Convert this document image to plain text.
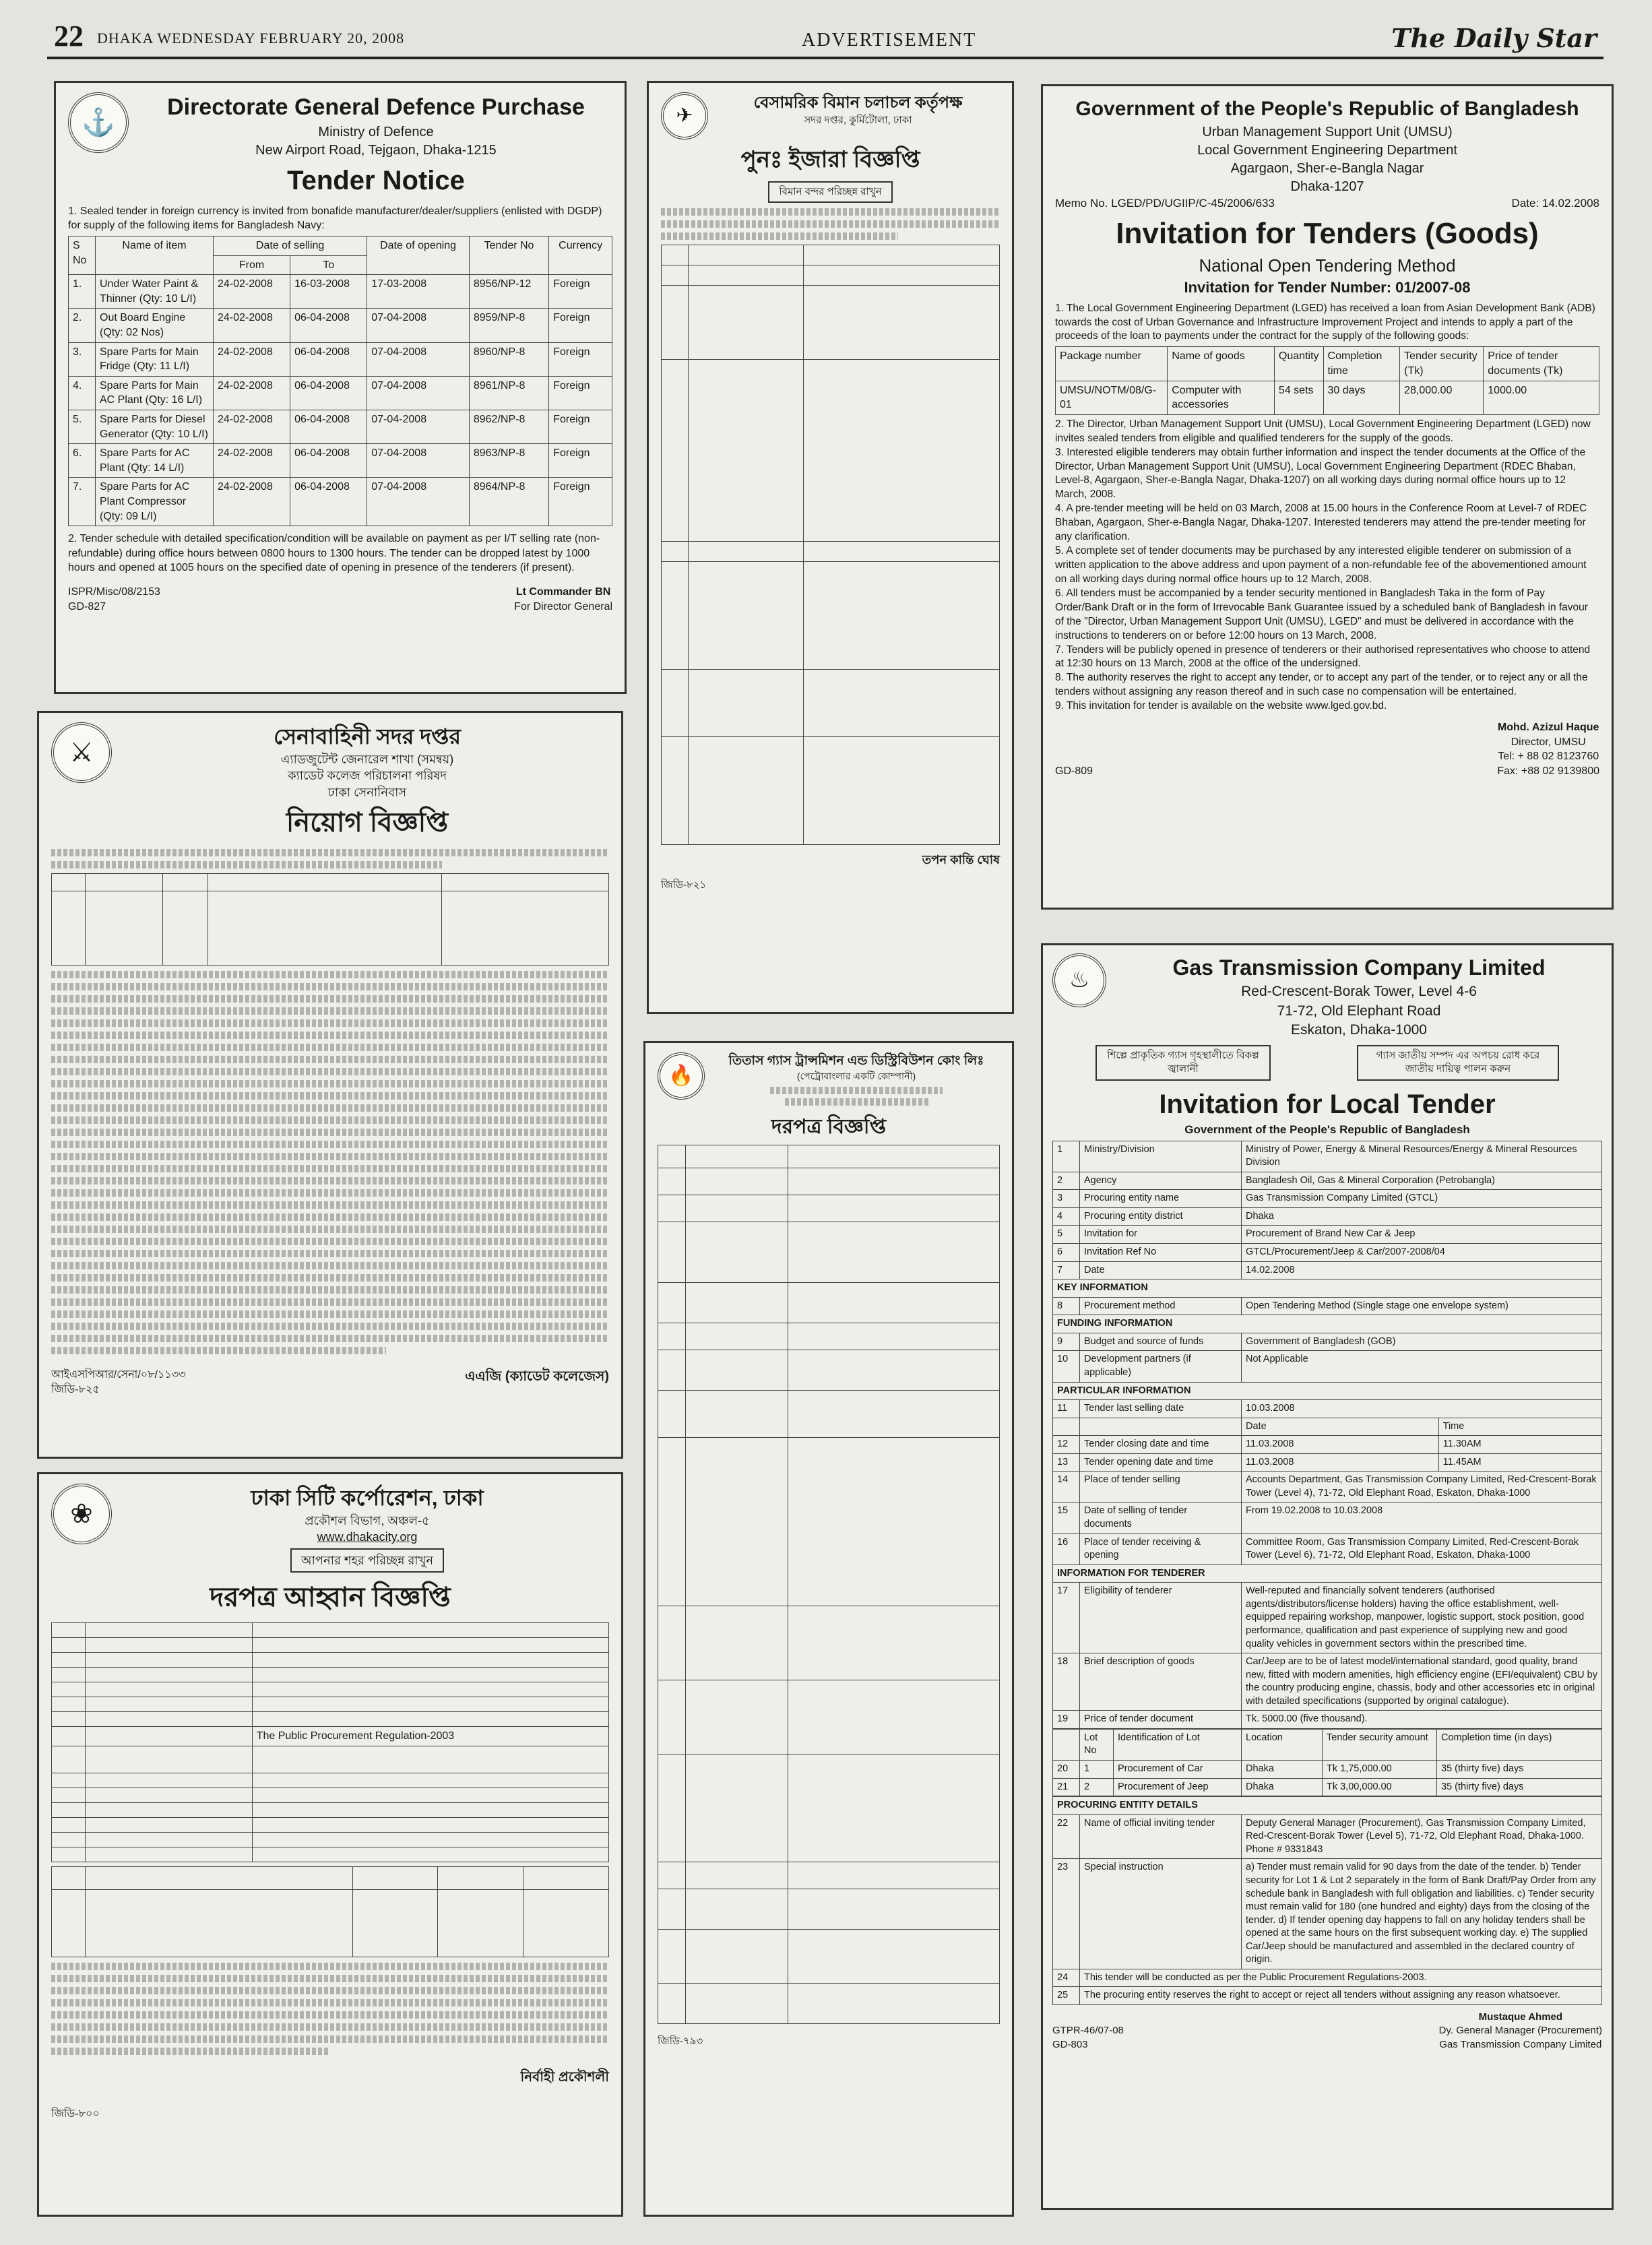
22 DHAKA WEDNESDAY FEBRUARY 20, 2008	ADVERTISEMENT	The Daily Star
⚓
Directorate General Defence Purchase
Ministry of Defence
New Airport Road, Tejgaon, Dhaka-1215
Tender Notice
1. Sealed tender in foreign currency is invited from bonafide manufacturer/dealer/suppliers (enlisted with DGDP) for supply of the following items for Bangladesh Navy:
S No	Name of item	Date of selling		Date of opening	Tender No	Currency
		From	To			
1.	Under Water Paint & Thinner (Qty: 10 L/I)	24-02-2008	16-03-2008	17-03-2008	8956/NP-12	Foreign
2.	Out Board Engine (Qty: 02 Nos)	24-02-2008	06-04-2008	07-04-2008	8959/NP-8	Foreign
3.	Spare Parts for Main Fridge (Qty: 11 L/I)	24-02-2008	06-04-2008	07-04-2008	8960/NP-8	Foreign
4.	Spare Parts for Main AC Plant (Qty: 16 L/I)	24-02-2008	06-04-2008	07-04-2008	8961/NP-8	Foreign
5.	Spare Parts for Diesel Generator (Qty: 10 L/I)	24-02-2008	06-04-2008	07-04-2008	8962/NP-8	Foreign
6.	Spare Parts for AC Plant (Qty: 14 L/I)	24-02-2008	06-04-2008	07-04-2008	8963/NP-8	Foreign
7.	Spare Parts for AC Plant Compressor (Qty: 09 L/I)	24-02-2008	06-04-2008	07-04-2008	8964/NP-8	Foreign
2. Tender schedule with detailed specification/condition will be available on payment as per I/T selling rate (non-refundable) during office hours between 0800 hours to 1300 hours. The tender can be dropped latest by 1000 hours and opened at 1005 hours on the specified date of opening in presence of the tenderers (if present).
ISPR/Misc/08/2153
GD-827
Lt Commander BN
For Director General
⚔
সেনাবাহিনী সদর দপ্তর
এ্যাডজুটেন্ট জেনারেল শাখা (সমন্বয়)
ক্যাডেট কলেজ পরিচালনা পরিষদ
ঢাকা সেনানিবাস
নিয়োগ বিজ্ঞপ্তি

আইএসপিআর/সেনা/০৮/১১৩৩
জিডি-৮২৫
এএজি (ক্যাডেট কলেজেস)
❀
ঢাকা সিটি কর্পোরেশন, ঢাকা
প্রকৌশল বিভাগ, অঞ্চল-৫
www.dhakacity.org
আপনার শহর পরিচ্ছন্ন রাখুন
দরপত্র আহ্বান বিজ্ঞপ্তি

		The Public Procurement Regulation-2003

নির্বাহী প্রকৌশলী
জিডি-৮০০
✈
বেসামরিক বিমান চলাচল কর্তৃপক্ষ
সদর দপ্তর, কুর্মিটোলা, ঢাকা
পুনঃ ইজারা বিজ্ঞপ্তি
বিমান বন্দর পরিচ্ছন্ন রাখুন

তপন কান্তি ঘোষ
জিডি-৮২১
🔥
তিতাস গ্যাস ট্রান্সমিশন এন্ড ডিস্ট্রিবিউশন কোং লিঃ
(পেট্রোবাংলার একটি কোম্পানী)
দরপত্র বিজ্ঞপ্তি

জিডি-৭৯৩
Government of the People's Republic of Bangladesh
Urban Management Support Unit (UMSU)
Local Government Engineering Department
Agargaon, Sher-e-Bangla Nagar
Dhaka-1207
Memo No. LGED/PD/UGIIP/C-45/2006/633	Date: 14.02.2008
Invitation for Tenders (Goods)
National Open Tendering Method
Invitation for Tender Number: 01/2007-08
1. The Local Government Engineering Department (LGED) has received a loan from Asian Development Bank (ADB) towards the cost of Urban Governance and Infrastructure Improvement Project and intends to apply a part of the proceeds of the loan to payments under the contract for the supply of the following goods:
Package number	Name of goods	Quantity	Completion time	Tender security (Tk)	Price of tender documents (Tk)
UMSU/NOTM/08/G-01	Computer with accessories	54 sets	30 days	28,000.00	1000.00
2. The Director, Urban Management Support Unit (UMSU), Local Government Engineering Department (LGED) now invites sealed tenders from eligible and qualified tenderers for the supply of the goods.
3. Interested eligible tenderers may obtain further information and inspect the tender documents at the Office of the Director, Urban Management Support Unit (UMSU), Local Government Engineering Department (RDEC Bhaban, Level-8, Agargaon, Sher-e-Bangla Nagar, Dhaka-1207) on all working days during normal office hours up to 12 March, 2008.
4. A pre-tender meeting will be held on 03 March, 2008 at 15.00 hours in the Conference Room at Level-7 of RDEC Bhaban, Agargaon, Sher-e-Bangla Nagar, Dhaka-1207. Interested tenderers may attend the pre-tender meeting for any clarification.
5. A complete set of tender documents may be purchased by any interested eligible tenderer on submission of a written application to the above address and upon payment of a non-refundable fee of the abovementioned amount on all working days during normal office hours up to 12 March, 2008.
6. All tenders must be accompanied by a tender security mentioned in Bangladesh Taka in the form of Pay Order/Bank Draft or in the form of Irrevocable Bank Guarantee issued by a scheduled bank of Bangladesh in favour of the "Director, Urban Management Support Unit (UMSU), LGED" and must be delivered in accordance with the instructions to tenderers on or before 12:00 hours on 13 March, 2008.
7. Tenders will be publicly opened in presence of tenderers or their authorised representatives who choose to attend at 12:30 hours on 13 March, 2008 at the office of the undersigned.
8. The authority reserves the right to accept any tender, or to accept any part of the tender, or to reject any or all the tenders without assigning any reason thereof and in such case no compensation will be entertained.
9. This invitation for tender is available on the website www.lged.gov.bd.
GD-809
Mohd. Azizul Haque
Director, UMSU
Tel: + 88 02 8123760
Fax: +88 02 9139800
♨	Gas Transmission Company Limited
Red-Crescent-Borak Tower, Level 4-6
71-72, Old Elephant Road
Eskaton, Dhaka-1000
শিল্পে প্রাকৃতিক গ্যাস গৃহস্থালীতে বিকল্প জ্বালানী
গ্যাস জাতীয় সম্পদ এর অপচয় রোধ করে জাতীয় দায়িত্ব পালন করুন
Invitation for Local Tender
Government of the People's Republic of Bangladesh
1	Ministry/Division	Ministry of Power, Energy & Mineral Resources/Energy & Mineral Resources Division	
2	Agency	Bangladesh Oil, Gas & Mineral Corporation (Petrobangla)	
3	Procuring entity name	Gas Transmission Company Limited (GTCL)	
4	Procuring entity district	Dhaka	
5	Invitation for	Procurement of Brand New Car & Jeep	
6	Invitation Ref No	GTCL/Procurement/Jeep & Car/2007-2008/04	
7	Date	14.02.2008	
KEY INFORMATION			
8	Procurement method	Open Tendering Method (Single stage one envelope system)	
FUNDING INFORMATION			
9	Budget and source of funds	Government of Bangladesh (GOB)	
10	Development partners (if applicable)	Not Applicable	
PARTICULAR INFORMATION			
11	Tender last selling date	10.03.2008	
		Date	Time
12	Tender closing date and time	11.03.2008	11.30AM
13	Tender opening date and time	11.03.2008	11.45AM
14	Place of tender selling	Accounts Department, Gas Transmission Company Limited, Red-Crescent-Borak Tower (Level 4), 71-72, Old Elephant Road, Eskaton, Dhaka-1000	
15	Date of selling of tender documents	From 19.02.2008 to 10.03.2008	
16	Place of tender receiving & opening	Committee Room, Gas Transmission Company Limited, Red-Crescent-Borak Tower (Level 6), 71-72, Old Elephant Road, Eskaton, Dhaka-1000	
INFORMATION FOR TENDERER			
17	Eligibility of tenderer	Well-reputed and financially solvent tenderers (authorised agents/distributors/license holders) having the office establishment, well-equipped repairing workshop, manpower, logistic support, stock position, good performance, qualification and past experience of supplying new and good quality vehicles in government sectors within the prescribed time.	
18	Brief description of goods	Car/Jeep are to be of latest model/international standard, good quality, brand new, fitted with modern amenities, high efficiency engine (EFI/equivalent) CBU by the country producing engine, chassis, body and other accessories etc in original with detailed specifications (supported by original catalogue).	
19	Price of tender document	Tk. 5000.00 (five thousand).	
	Lot No	Identification of Lot	Location	Tender security amount	Completion time (in days)
20	1	Procurement of Car	Dhaka	Tk 1,75,000.00	35 (thirty five) days
21	2	Procurement of Jeep	Dhaka	Tk 3,00,000.00	35 (thirty five) days
PROCURING ENTITY DETAILS		
22	Name of official inviting tender	Deputy General Manager (Procurement), Gas Transmission Company Limited, Red-Crescent-Borak Tower (Level 5), 71-72, Old Elephant Road, Dhaka-1000. Phone # 9331843
23	Special instruction	a) Tender must remain valid for 90 days from the date of the tender. b) Tender security for Lot 1 & Lot 2 separately in the form of Bank Draft/Pay Order from any schedule bank in Bangladesh with full obligation and liabilities. c) Tender security must remain valid for 180 (one hundred and eighty) days from the closing of the tender. d) If tender opening day happens to fall on any holiday tenders shall be opened at the same hours on the first subsequent working day. e) The supplied Car/Jeep should be manufactured and assembled in the declared country of origin.
24	This tender will be conducted as per the Public Procurement Regulations-2003.	
25	The procuring entity reserves the right to accept or reject all tenders without assigning any reason whatsoever.	
GTPR-46/07-08
GD-803
Mustaque Ahmed
Dy. General Manager (Procurement)
Gas Transmission Company Limited
